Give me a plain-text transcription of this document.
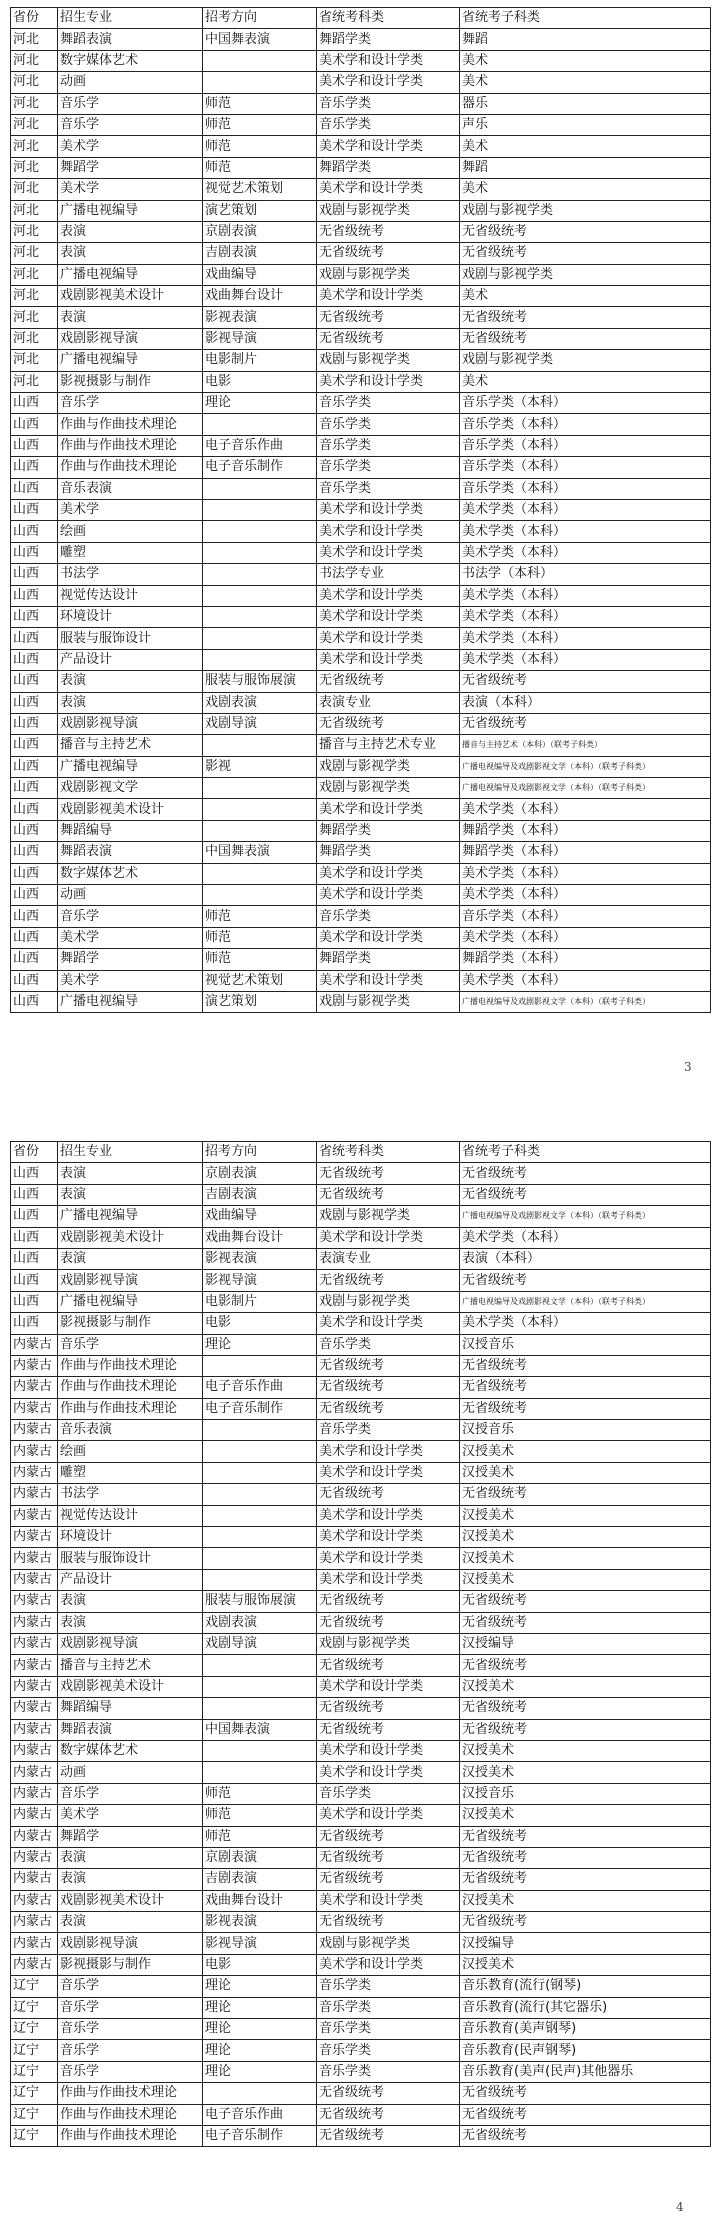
省份	招生专业	招考方向	省统考科类	省统考子科类
河北	舞蹈表演	中国舞表演	舞蹈学类	舞蹈
河北	数字媒体艺术		美术学和设计学类	美术
河北	动画		美术学和设计学类	美术
河北	音乐学	师范	音乐学类	器乐
河北	音乐学	师范	音乐学类	声乐
河北	美术学	师范	美术学和设计学类	美术
河北	舞蹈学	师范	舞蹈学类	舞蹈
河北	美术学	视觉艺术策划	美术学和设计学类	美术
河北	广播电视编导	演艺策划	戏剧与影视学类	戏剧与影视学类
河北	表演	京剧表演	无省级统考	无省级统考
河北	表演	吉剧表演	无省级统考	无省级统考
河北	广播电视编导	戏曲编导	戏剧与影视学类	戏剧与影视学类
河北	戏剧影视美术设计	戏曲舞台设计	美术学和设计学类	美术
河北	表演	影视表演	无省级统考	无省级统考
河北	戏剧影视导演	影视导演	无省级统考	无省级统考
河北	广播电视编导	电影制片	戏剧与影视学类	戏剧与影视学类
河北	影视摄影与制作	电影	美术学和设计学类	美术
山西	音乐学	理论	音乐学类	音乐学类（本科）
山西	作曲与作曲技术理论		音乐学类	音乐学类（本科）
山西	作曲与作曲技术理论	电子音乐作曲	音乐学类	音乐学类（本科）
山西	作曲与作曲技术理论	电子音乐制作	音乐学类	音乐学类（本科）
山西	音乐表演		音乐学类	音乐学类（本科）
山西	美术学		美术学和设计学类	美术学类（本科）
山西	绘画		美术学和设计学类	美术学类（本科）
山西	雕塑		美术学和设计学类	美术学类（本科）
山西	书法学		书法学专业	书法学（本科）
山西	视觉传达设计		美术学和设计学类	美术学类（本科）
山西	环境设计		美术学和设计学类	美术学类（本科）
山西	服装与服饰设计		美术学和设计学类	美术学类（本科）
山西	产品设计		美术学和设计学类	美术学类（本科）
山西	表演	服装与服饰展演	无省级统考	无省级统考
山西	表演	戏剧表演	表演专业	表演（本科）
山西	戏剧影视导演	戏剧导演	无省级统考	无省级统考
山西	播音与主持艺术		播音与主持艺术专业	播音与主持艺术（本科）（联考子科类）
山西	广播电视编导	影视	戏剧与影视学类	广播电视编导及戏剧影视文学（本科）（联考子科类）
山西	戏剧影视文学		戏剧与影视学类	广播电视编导及戏剧影视文学（本科）（联考子科类）
山西	戏剧影视美术设计		美术学和设计学类	美术学类（本科）
山西	舞蹈编导		舞蹈学类	舞蹈学类（本科）
山西	舞蹈表演	中国舞表演	舞蹈学类	舞蹈学类（本科）
山西	数字媒体艺术		美术学和设计学类	美术学类（本科）
山西	动画		美术学和设计学类	美术学类（本科）
山西	音乐学	师范	音乐学类	音乐学类（本科）
山西	美术学	师范	美术学和设计学类	美术学类（本科）
山西	舞蹈学	师范	舞蹈学类	舞蹈学类（本科）
山西	美术学	视觉艺术策划	美术学和设计学类	美术学类（本科）
山西	广播电视编导	演艺策划	戏剧与影视学类	广播电视编导及戏剧影视文学（本科）（联考子科类）
3
省份	招生专业	招考方向	省统考科类	省统考子科类
山西	表演	京剧表演	无省级统考	无省级统考
山西	表演	吉剧表演	无省级统考	无省级统考
山西	广播电视编导	戏曲编导	戏剧与影视学类	广播电视编导及戏剧影视文学（本科）（联考子科类）
山西	戏剧影视美术设计	戏曲舞台设计	美术学和设计学类	美术学类（本科）
山西	表演	影视表演	表演专业	表演（本科）
山西	戏剧影视导演	影视导演	无省级统考	无省级统考
山西	广播电视编导	电影制片	戏剧与影视学类	广播电视编导及戏剧影视文学（本科）（联考子科类）
山西	影视摄影与制作	电影	美术学和设计学类	美术学类（本科）
内蒙古	音乐学	理论	音乐学类	汉授音乐
内蒙古	作曲与作曲技术理论		无省级统考	无省级统考
内蒙古	作曲与作曲技术理论	电子音乐作曲	无省级统考	无省级统考
内蒙古	作曲与作曲技术理论	电子音乐制作	无省级统考	无省级统考
内蒙古	音乐表演		音乐学类	汉授音乐
内蒙古	绘画		美术学和设计学类	汉授美术
内蒙古	雕塑		美术学和设计学类	汉授美术
内蒙古	书法学		无省级统考	无省级统考
内蒙古	视觉传达设计		美术学和设计学类	汉授美术
内蒙古	环境设计		美术学和设计学类	汉授美术
内蒙古	服装与服饰设计		美术学和设计学类	汉授美术
内蒙古	产品设计		美术学和设计学类	汉授美术
内蒙古	表演	服装与服饰展演	无省级统考	无省级统考
内蒙古	表演	戏剧表演	无省级统考	无省级统考
内蒙古	戏剧影视导演	戏剧导演	戏剧与影视学类	汉授编导
内蒙古	播音与主持艺术		无省级统考	无省级统考
内蒙古	戏剧影视美术设计		美术学和设计学类	汉授美术
内蒙古	舞蹈编导		无省级统考	无省级统考
内蒙古	舞蹈表演	中国舞表演	无省级统考	无省级统考
内蒙古	数字媒体艺术		美术学和设计学类	汉授美术
内蒙古	动画		美术学和设计学类	汉授美术
内蒙古	音乐学	师范	音乐学类	汉授音乐
内蒙古	美术学	师范	美术学和设计学类	汉授美术
内蒙古	舞蹈学	师范	无省级统考	无省级统考
内蒙古	表演	京剧表演	无省级统考	无省级统考
内蒙古	表演	吉剧表演	无省级统考	无省级统考
内蒙古	戏剧影视美术设计	戏曲舞台设计	美术学和设计学类	汉授美术
内蒙古	表演	影视表演	无省级统考	无省级统考
内蒙古	戏剧影视导演	影视导演	戏剧与影视学类	汉授编导
内蒙古	影视摄影与制作	电影	美术学和设计学类	汉授美术
辽宁	音乐学	理论	音乐学类	音乐教育(流行(钢琴)
辽宁	音乐学	理论	音乐学类	音乐教育(流行(其它器乐)
辽宁	音乐学	理论	音乐学类	音乐教育(美声钢琴)
辽宁	音乐学	理论	音乐学类	音乐教育(民声钢琴)
辽宁	音乐学	理论	音乐学类	音乐教育(美声(民声)其他器乐
辽宁	作曲与作曲技术理论		无省级统考	无省级统考
辽宁	作曲与作曲技术理论	电子音乐作曲	无省级统考	无省级统考
辽宁	作曲与作曲技术理论	电子音乐制作	无省级统考	无省级统考
4
